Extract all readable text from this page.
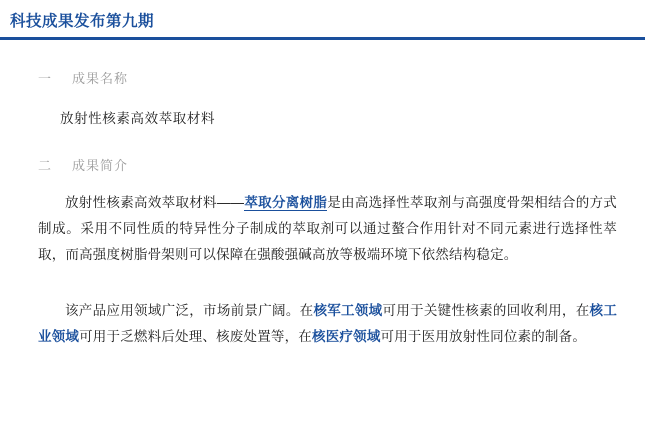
科技成果发布第九期
一 成果名称
放射性核素高效萃取材料
二 成果简介

放射性核素高效萃取材料——萃取分离树脂是由高选择性萃取剂与高强度骨架相结合的方式制成。采用不同性质的特异性分子制成的萃取剂可以通过螯合作用针对不同元素进行选择性萃取，而高强度树脂骨架则可以保障在强酸强碱高放等极端环境下依然结构稳定。

该产品应用领域广泛，市场前景广阔。在核军工领域可用于关键性核素的回收利用，在核工业领域可用于乏燃料后处理、核废处置等，在核医疗领域可用于医用放射性同位素的制备。
